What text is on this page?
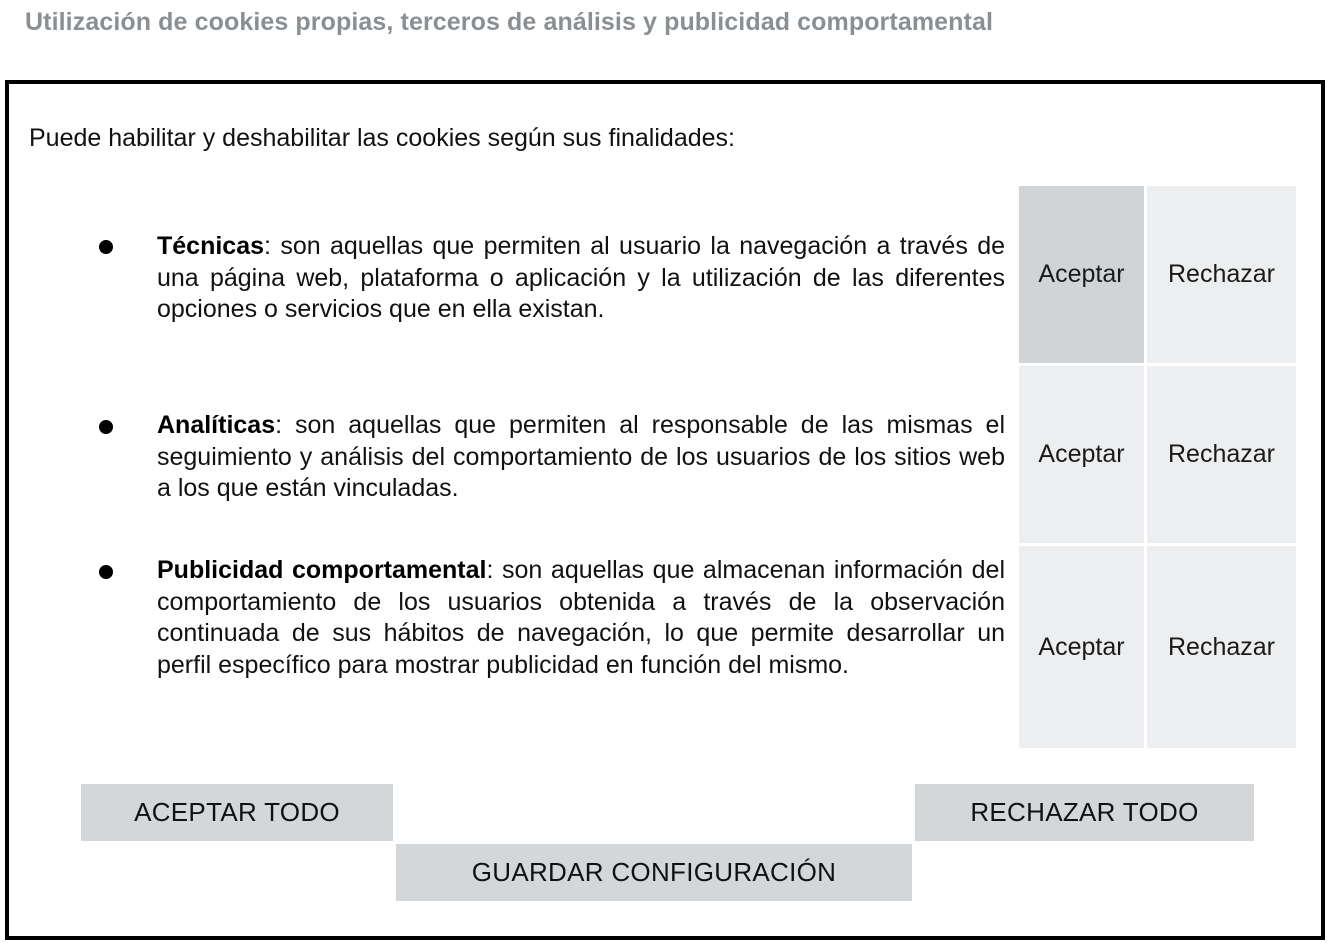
Utilización de cookies propias, terceros de análisis y publicidad comportamental
Puede habilitar y deshabilitar las cookies según sus finalidades:
Técnicas: son aquellas que permiten al usuario la navegación a través de una página web, plataforma o aplicación y la utilización de las diferentes opciones o servicios que en ella existan.
Aceptar	Rechazar
Analíticas: son aquellas que permiten al responsable de las mismas el seguimiento y análisis del comportamiento de los usuarios de los sitios web a los que están vinculadas.
Aceptar	Rechazar
Publicidad comportamental: son aquellas que almacenan información del comportamiento de los usuarios obtenida a través de la observación continuada de sus hábitos de navegación, lo que permite desarrollar un perfil específico para mostrar publicidad en función del mismo.
Aceptar	Rechazar
ACEPTAR TODO	RECHAZAR TODO
GUARDAR CONFIGURACIÓN
